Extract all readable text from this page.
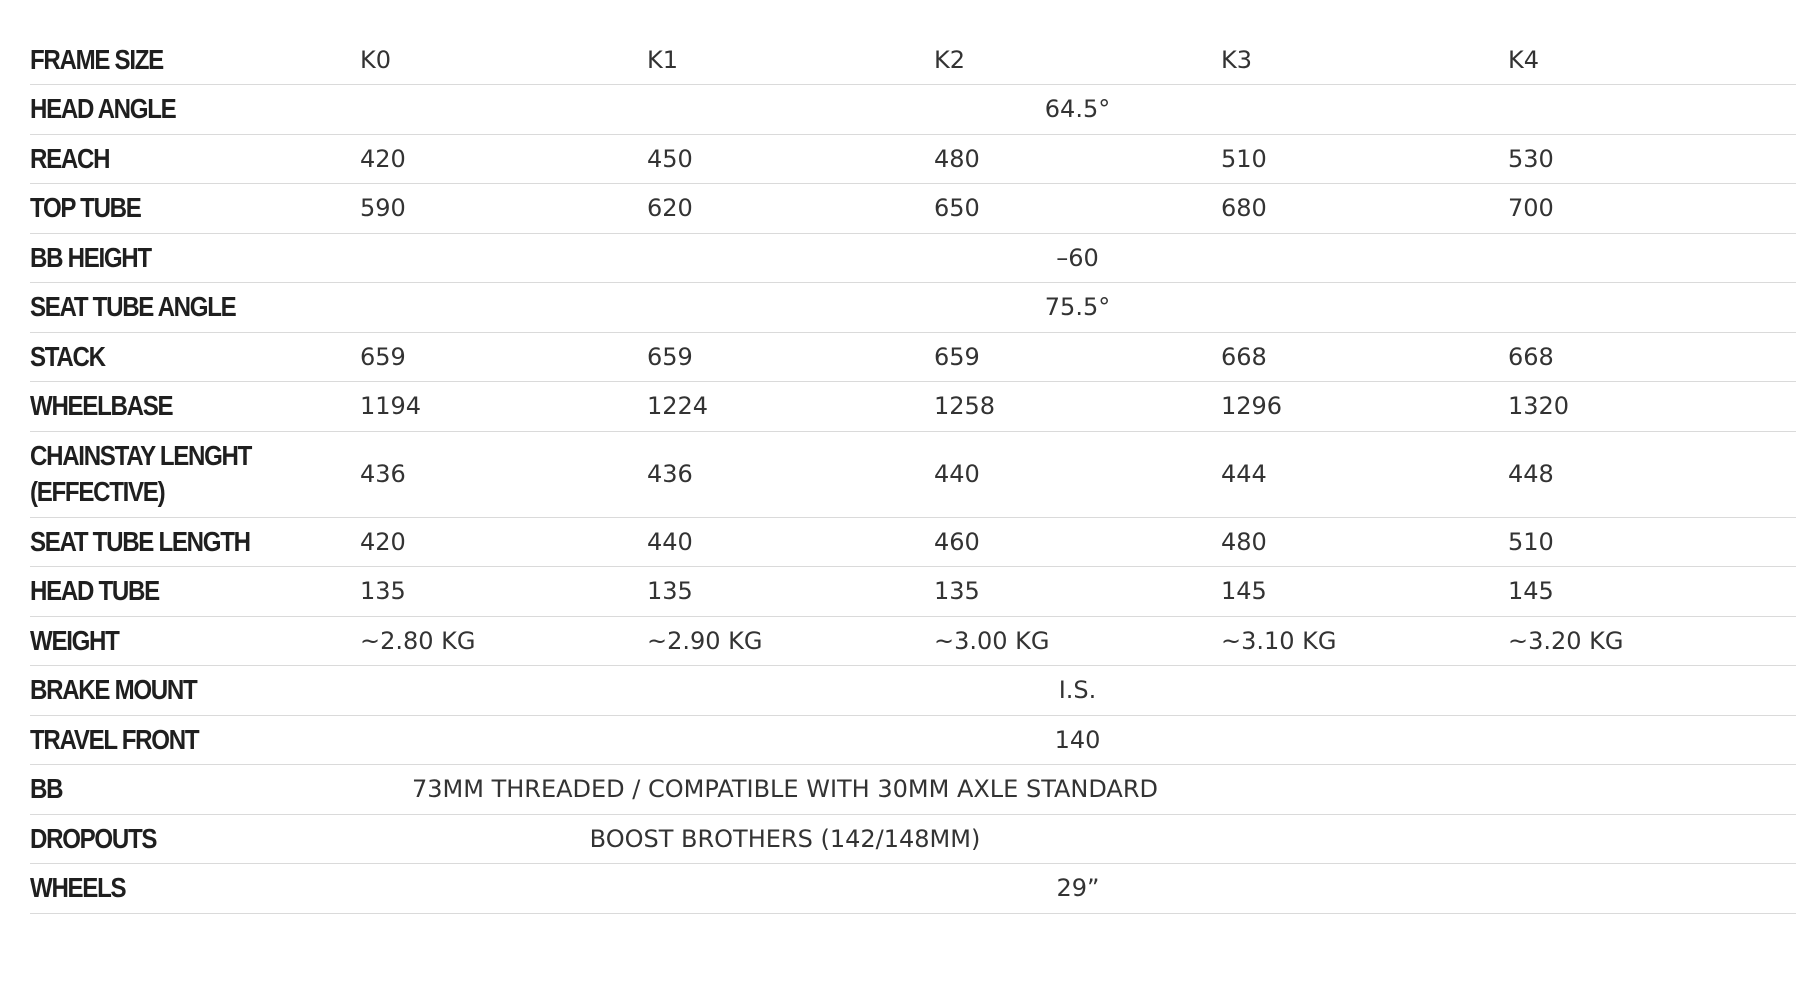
FRAME SIZE	K0	K1	K2	K3	K4
HEAD ANGLE		64.5°			
REACH	420	450	480	510	530
TOP TUBE	590	620	650	680	700
BB HEIGHT		–60			
SEAT TUBE ANGLE		75.5°			
STACK	659	659	659	668	668
WHEELBASE	1194	1224	1258	1296	1320
CHAINSTAY LENGHT (EFFECTIVE)	436	436	440	444	448
SEAT TUBE LENGTH	420	440	460	480	510
HEAD TUBE	135	135	135	145	145
WEIGHT	~2.80 KG	~2.90 KG	~3.00 KG	~3.10 KG	~3.20 KG
BRAKE MOUNT		I.S.			
TRAVEL FRONT		140			
BB	73MM THREADED / COMPATIBLE WITH 30MM AXLE STANDARD				
DROPOUTS	BOOST BROTHERS (142/148MM)				
WHEELS	29”				
